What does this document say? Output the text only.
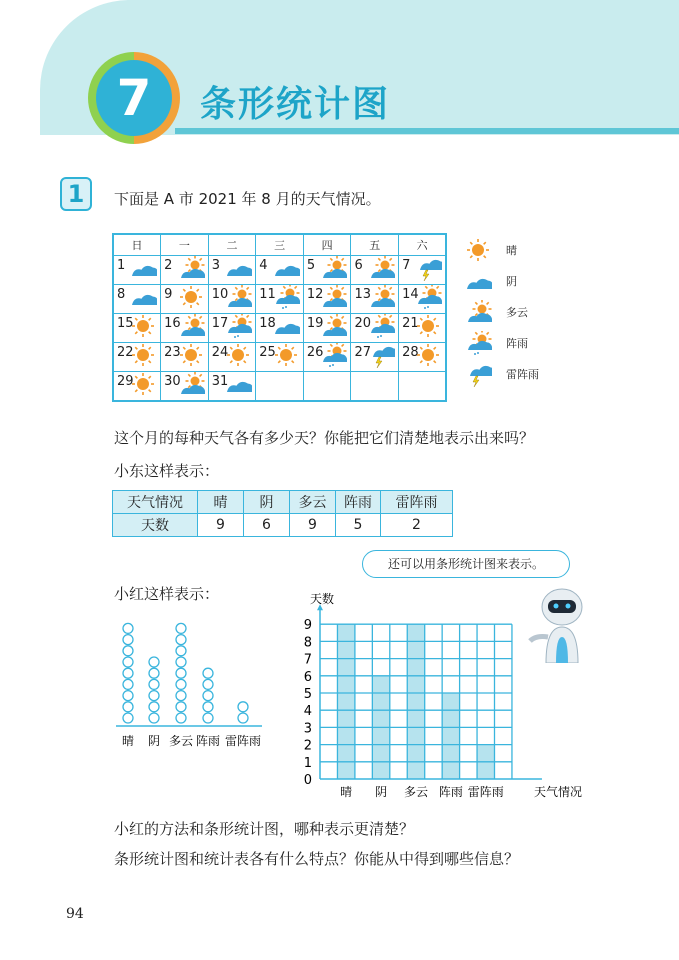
7	条形统计图
1	下面是 A 市 2021 年 8 月的天气情况。
日	一	二	三	四	五	六
1	2	3	4	5	6	7

8	9	10	11	12	13	14

15	16	17	18	19	20	21

22	23	24	25	26	27	28

29	30	31

晴
阴
多云
阵雨
雷阵雨
这个月的每种天气各有多少天？你能把它们清楚地表示出来吗？
小东这样表示：
天气情况	晴	阴	多云	阵雨	雷阵雨
天数	9	6	9	5	2
还可以用条形统计图来表示。
小红这样表示：
晴 阴 多云 阵雨 雷阵雨
晴 阴 多云 阵雨 雷阵雨
0
1
2
3
4
5
6
7
8
9
天数
天气情况
小红的方法和条形统计图，哪种表示更清楚？
条形统计图和统计表各有什么特点？你能从中得到哪些信息？
94
